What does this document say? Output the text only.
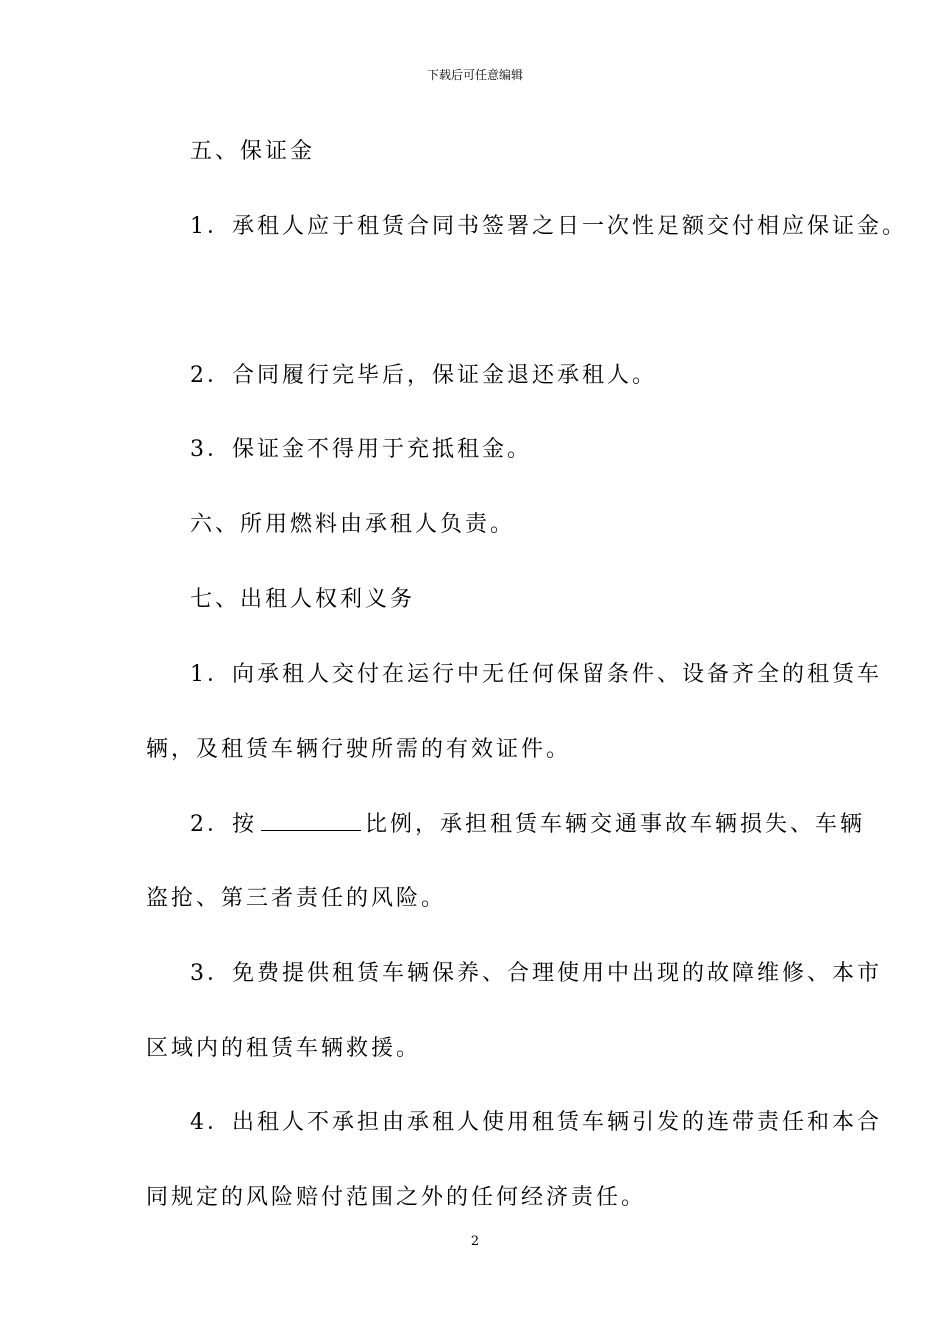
下载后可任意编辑
五、保证金
1．承租人应于租赁合同书签署之日一次性足额交付相应保证金。
2．合同履行完毕后，保证金退还承租人。
3．保证金不得用于充抵租金。
六、所用燃料由承租人负责。
七、出租人权利义务
1．向承租人交付在运行中无任何保留条件、设备齐全的租赁车
辆，及租赁车辆行驶所需的有效证件。
2．按	比例，承担租赁车辆交通事故车辆损失、车辆
盗抢、第三者责任的风险。
3．免费提供租赁车辆保养、合理使用中出现的故障维修、本市
区域内的租赁车辆救援。
4．出租人不承担由承租人使用租赁车辆引发的连带责任和本合
同规定的风险赔付范围之外的任何经济责任。
2
